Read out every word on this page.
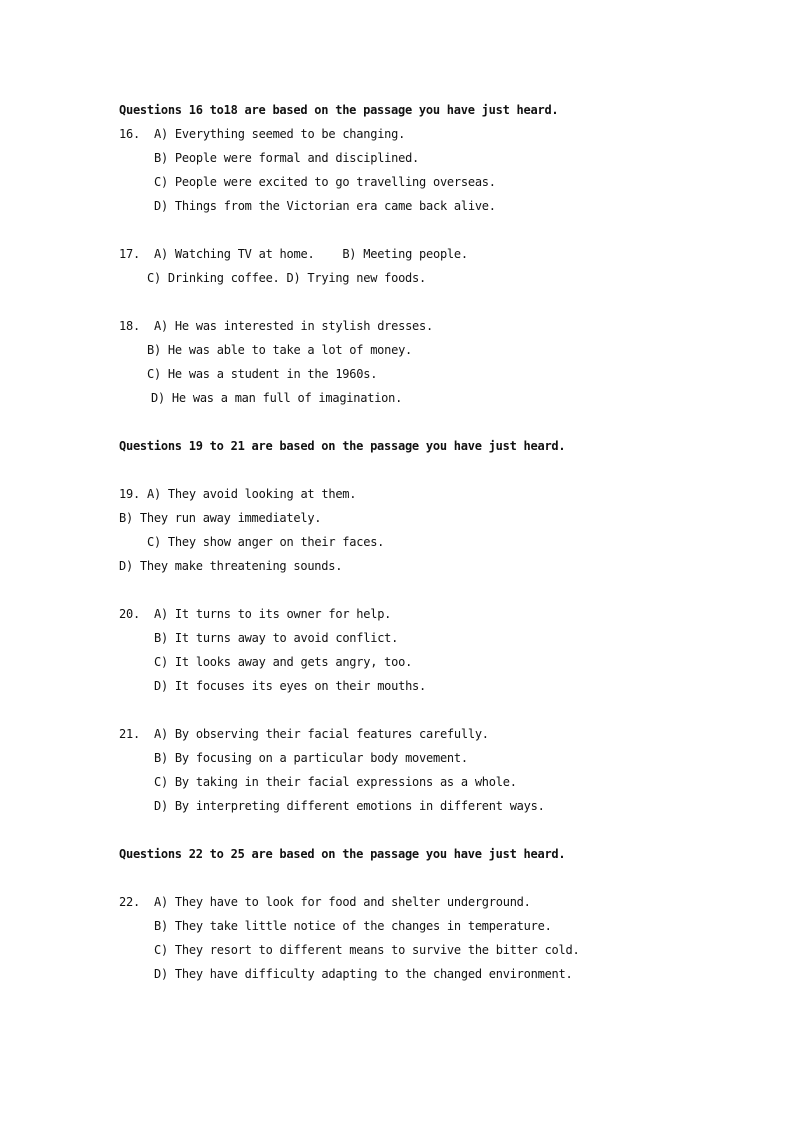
Questions 16 to18 are based on the passage you have just heard.
16. A) Everything seemed to be changing.
B) People were formal and disciplined.
C) People were excited to go travelling overseas.
D) Things from the Victorian era came back alive.
17. A) Watching TV at home.    B) Meeting people.
C) Drinking coffee. D) Trying new foods.
18. A) He was interested in stylish dresses.
B) He was able to take a lot of money.
C) He was a student in the 1960s.
D) He was a man full of imagination.
Questions 19 to 21 are based on the passage you have just heard.
19. A) They avoid looking at them.
B) They run away immediately.
C) They show anger on their faces.
D) They make threatening sounds.
20. A) It turns to its owner for help.
B) It turns away to avoid conflict.
C) It looks away and gets angry, too.
D) It focuses its eyes on their mouths.
21. A) By observing their facial features carefully.
B) By focusing on a particular body movement.
C) By taking in their facial expressions as a whole.
D) By interpreting different emotions in different ways.
Questions 22 to 25 are based on the passage you have just heard.
22. A) They have to look for food and shelter underground.
B) They take little notice of the changes in temperature.
C) They resort to different means to survive the bitter cold.
D) They have difficulty adapting to the changed environment.
